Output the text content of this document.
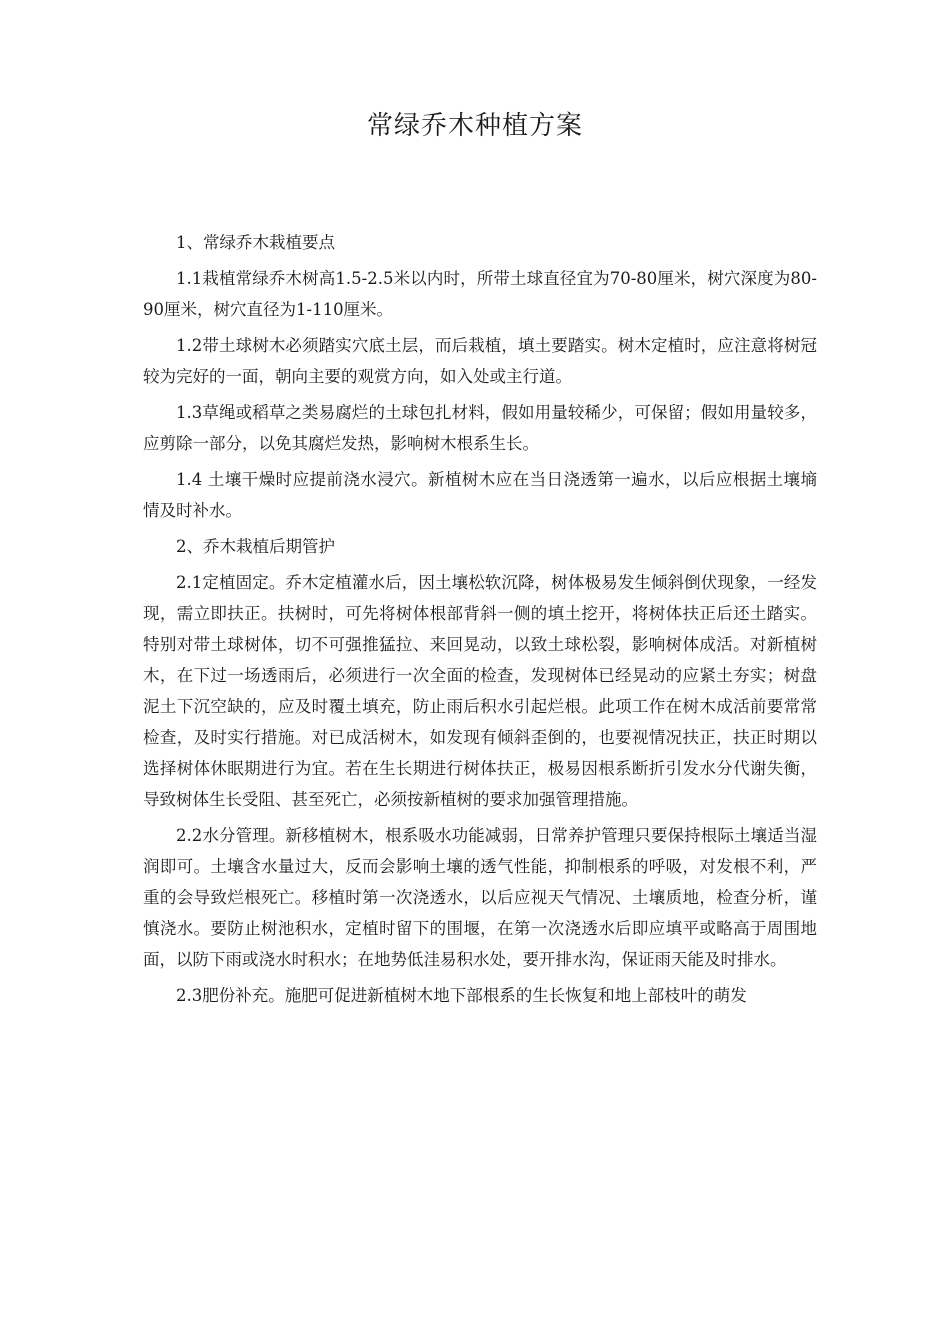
常绿乔木种植方案

1、常绿乔木栽植要点

1.1栽植常绿乔木树高1.5-2.5米以内时，所带土球直径宜为70-80厘米，树穴深度为80-90厘米，树穴直径为1-110厘米。

1.2带土球树木必须踏实穴底土层，而后栽植，填土要踏实。树木定植时，应注意将树冠较为完好的一面，朝向主要的观赏方向，如入处或主行道。

1.3草绳或稻草之类易腐烂的土球包扎材料，假如用量较稀少，可保留；假如用量较多，应剪除一部分，以免其腐烂发热，影响树木根系生长。

1.4 土壤干燥时应提前浇水浸穴。新植树木应在当日浇透第一遍水，以后应根据土壤墒情及时补水。

2、乔木栽植后期管护

2.1定植固定。乔木定植灌水后，因土壤松软沉降，树体极易发生倾斜倒伏现象，一经发现，需立即扶正。扶树时，可先将树体根部背斜一侧的填土挖开，将树体扶正后还土踏实。特别对带土球树体，切不可强推猛拉、来回晃动，以致土球松裂，影响树体成活。对新植树木，在下过一场透雨后，必须进行一次全面的检查，发现树体已经晃动的应紧土夯实；树盘泥土下沉空缺的，应及时覆土填充，防止雨后积水引起烂根。此项工作在树木成活前要常常检查，及时实行措施。对已成活树木，如发现有倾斜歪倒的，也要视情况扶正，扶正时期以选择树体休眠期进行为宜。若在生长期进行树体扶正，极易因根系断折引发水分代谢失衡，导致树体生长受阻、甚至死亡，必须按新植树的要求加强管理措施。

2.2水分管理。新移植树木，根系吸水功能减弱，日常养护管理只要保持根际土壤适当湿润即可。土壤含水量过大，反而会影响土壤的透气性能，抑制根系的呼吸，对发根不利，严重的会导致烂根死亡。移植时第一次浇透水，以后应视天气情况、土壤质地，检查分析，谨慎浇水。要防止树池积水，定植时留下的围堰，在第一次浇透水后即应填平或略高于周围地面，以防下雨或浇水时积水；在地势低洼易积水处，要开排水沟，保证雨天能及时排水。

2.3肥份补充。施肥可促进新植树木地下部根系的生长恢复和地上部枝叶的萌发
